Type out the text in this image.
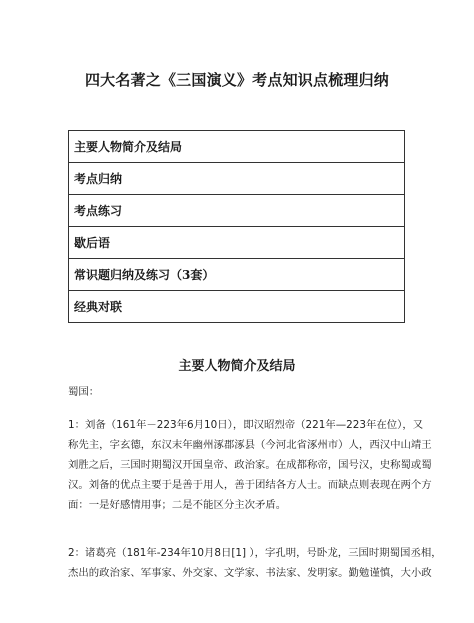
四大名著之《三国演义》考点知识点梳理归纳
主要人物简介及结局
考点归纳
考点练习
歇后语
常识题归纳及练习（3套）
经典对联
主要人物简介及结局

蜀国：

1：刘备（161年－223年6月10日），即汉昭烈帝（221年—223年在位），又
称先主，字玄德，东汉末年幽州涿郡涿县（今河北省涿州市）人，西汉中山靖王
刘胜之后，三国时期蜀汉开国皇帝、政治家。在成都称帝，国号汉，史称蜀或蜀
汉。刘备的优点主要于是善于用人，善于团结各方人士。而缺点则表现在两个方
面：一是好感情用事；二是不能区分主次矛盾。

2：诸葛亮（181年-234年10月8日[1] ），字孔明，号卧龙，三国时期蜀国丞相，
杰出的政治家、军事家、外交家、文学家、书法家、发明家。勤勉谨慎，大小政
